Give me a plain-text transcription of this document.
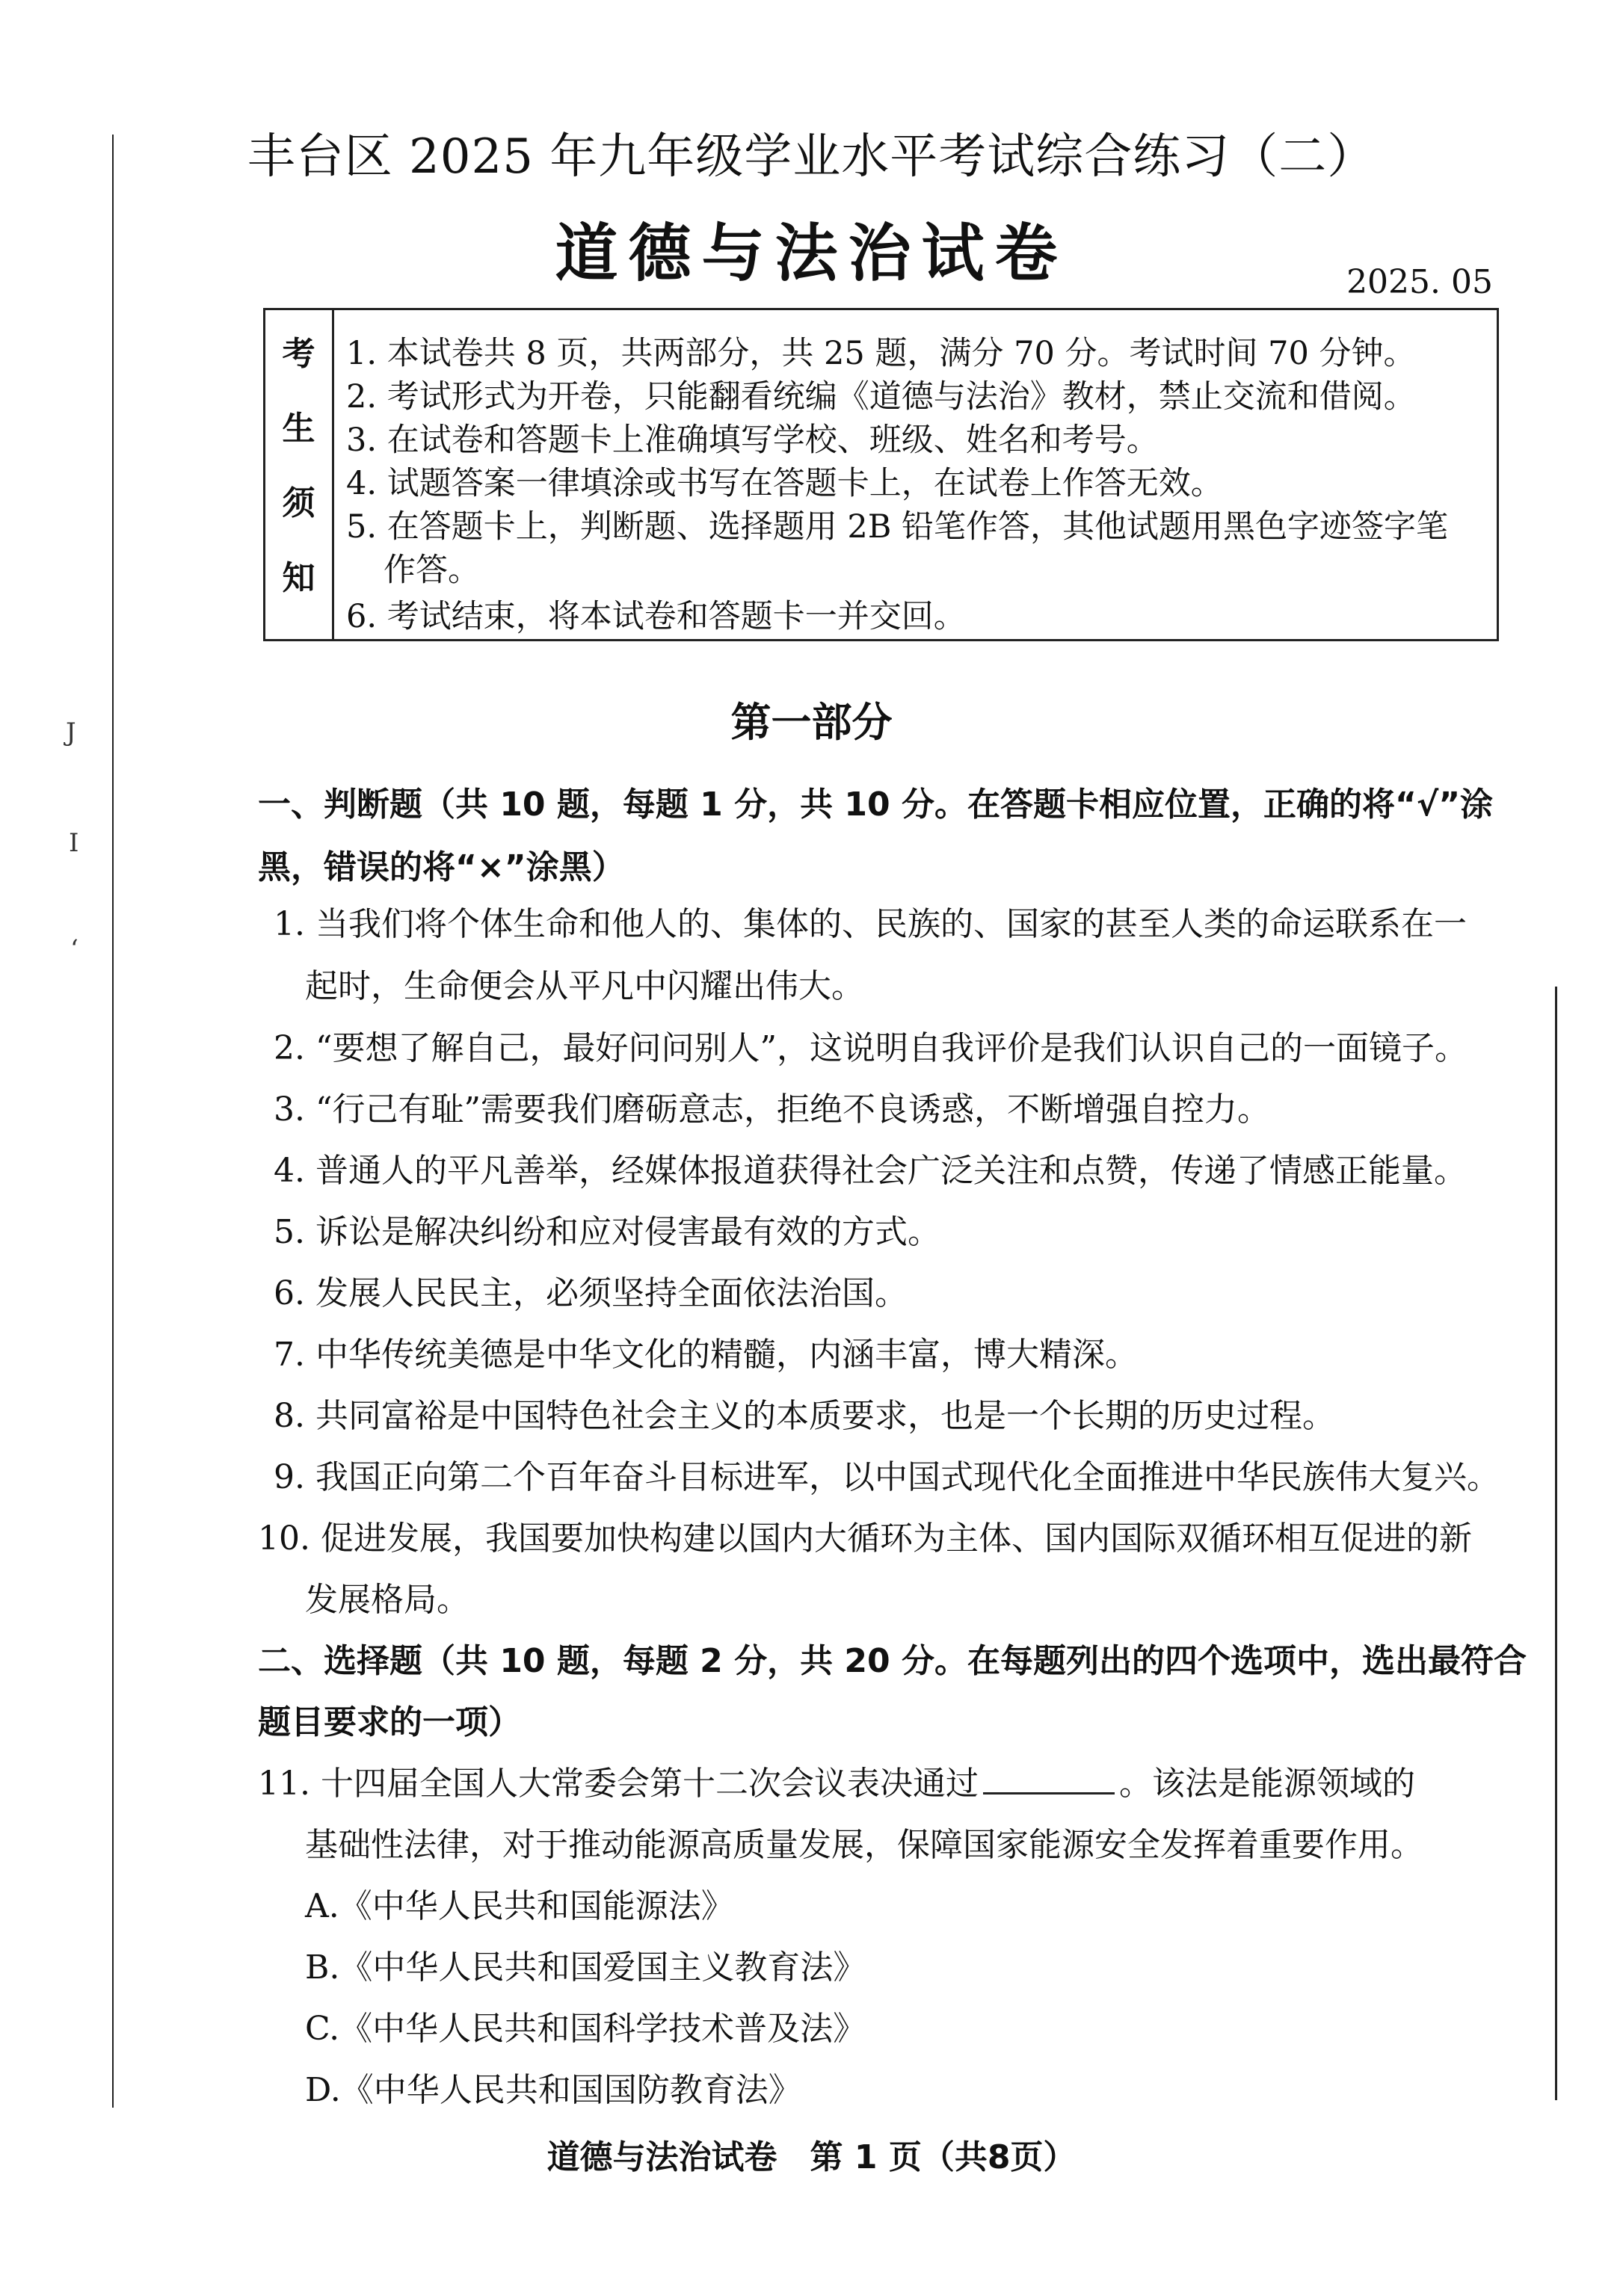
J
I
‘
丰台区 2025 年九年级学业水平考试综合练习（二）
道德与法治试卷	2025. 05
考
生
须
知
1. 本试卷共 8 页，共两部分，共 25 题，满分 70 分。考试时间 70 分钟。
2. 考试形式为开卷，只能翻看统编《道德与法治》教材，禁止交流和借阅。
3. 在试卷和答题卡上准确填写学校、班级、姓名和考号。
4. 试题答案一律填涂或书写在答题卡上，在试卷上作答无效。
5. 在答题卡上，判断题、选择题用 2B 铅笔作答，其他试题用黑色字迹签字笔
作答。
6. 考试结束，将本试卷和答题卡一并交回。
第一部分
一、判断题（共 10 题，每题 1 分，共 10 分。在答题卡相应位置，正确的将“√”涂
黑，错误的将“×”涂黑）
1. 当我们将个体生命和他人的、集体的、民族的、国家的甚至人类的命运联系在一
起时，生命便会从平凡中闪耀出伟大。
2. “要想了解自己，最好问问别人”，这说明自我评价是我们认识自己的一面镜子。
3. “行己有耻”需要我们磨砺意志，拒绝不良诱惑，不断增强自控力。
4. 普通人的平凡善举，经媒体报道获得社会广泛关注和点赞，传递了情感正能量。
5. 诉讼是解决纠纷和应对侵害最有效的方式。
6. 发展人民民主，必须坚持全面依法治国。
7. 中华传统美德是中华文化的精髓，内涵丰富，博大精深。
8. 共同富裕是中国特色社会主义的本质要求，也是一个长期的历史过程。
9. 我国正向第二个百年奋斗目标进军，以中国式现代化全面推进中华民族伟大复兴。
10. 促进发展，我国要加快构建以国内大循环为主体、国内国际双循环相互促进的新
发展格局。
二、选择题（共 10 题，每题 2 分，共 20 分。在每题列出的四个选项中，选出最符合
题目要求的一项）
11. 十四届全国人大常委会第十二次会议表决通过	。该法是能源领域的
基础性法律，对于推动能源高质量发展，保障国家能源安全发挥着重要作用。
A.《中华人民共和国能源法》
B.《中华人民共和国爱国主义教育法》
C.《中华人民共和国科学技术普及法》
D.《中华人民共和国国防教育法》
道德与法治试卷　第 1 页（共8页）
